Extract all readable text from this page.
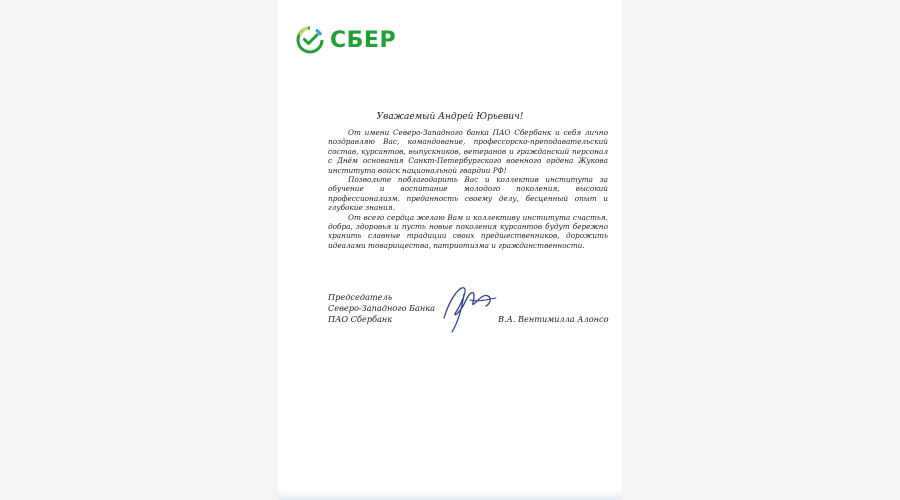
СБЕР
Уважаемый Андрей Юрьевич!

От имени Северо-Западного банка ПАО Сбербанк и себя лично поздравляю Вас, командование, профессорско-преподавательский состав, курсантов, выпускников, ветеранов и гражданский персонал с Днём основания Санкт-Петербургского военного ордена Жукова института войск национальной гвардии РФ!

Позвольте поблагодарить Вас и коллектив института за обучение и воспитание молодого поколения, высокий профессионализм, преданность своему делу, бесценный опыт и глубокие знания.

От всего сердца желаю Вам и коллективу института счастья, добра, здоровья и пусть новые поколения курсантов будут бережно хранить славные традиции своих предшественников, дорожить идеалами товарищества, патриотизма и гражданственности.

Председатель
Северо-Западного Банка
ПАО Сбербанк	В.А. Вентимилла Алонсо
